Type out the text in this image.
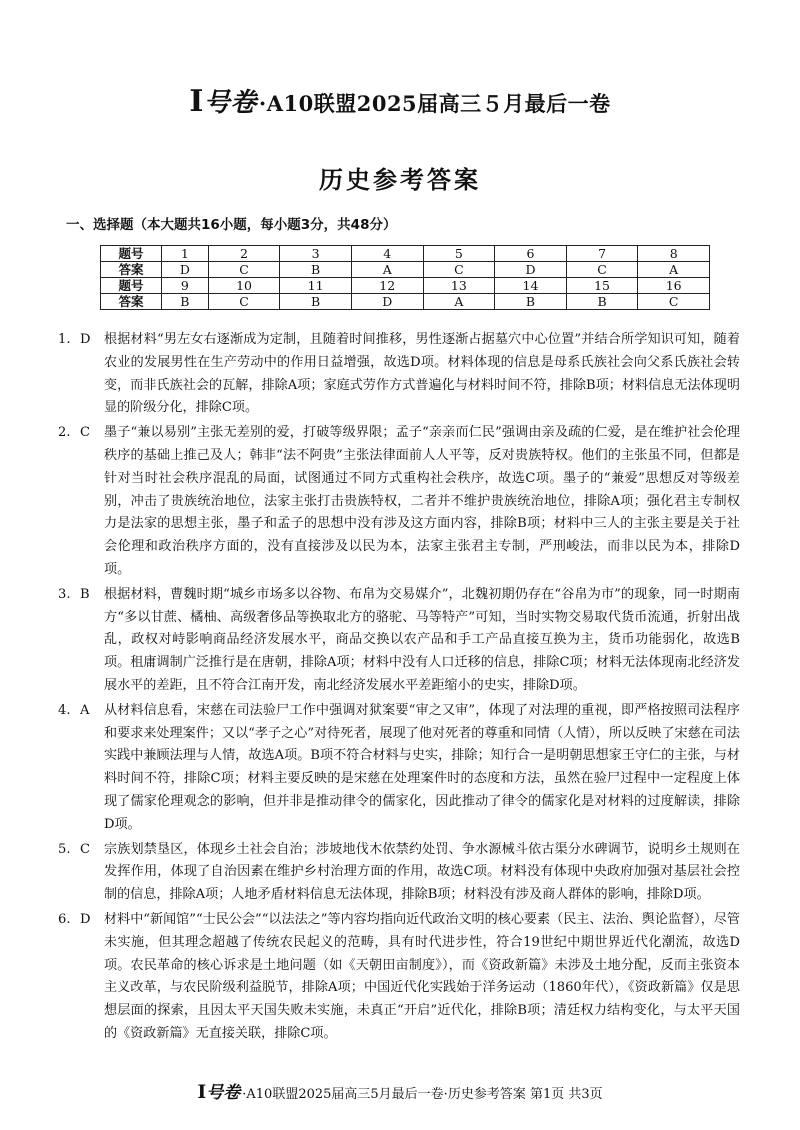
Ⅰ号卷·A10联盟2025届高三５月最后一卷
历史参考答案
一、选择题（本大题共16小题，每小题3分，共48分）
题号	1	2	3	4	5	6	7	8
答案	D	C	B	A	C	D	C	A
题号	9	10	11	12	13	14	15	16
答案	B	C	B	D	A	B	B	C
1. D	根据材料“男左女右逐渐成为定制，且随着时间推移，男性逐渐占据墓穴中心位置”并结合所学知识可知，随着农业的发展男性在生产劳动中的作用日益增强，故选D项。材料体现的信息是母系氏族社会向父系氏族社会转变，而非氏族社会的瓦解，排除A项；家庭式劳作方式普遍化与材料时间不符，排除B项；材料信息无法体现明显的阶级分化，排除C项。
2. C	墨子“兼以易别”主张无差别的爱，打破等级界限；孟子“亲亲而仁民”强调由亲及疏的仁爱，是在维护社会伦理秩序的基础上推己及人；韩非“法不阿贵”主张法律面前人人平等，反对贵族特权。他们的主张虽不同，但都是针对当时社会秩序混乱的局面，试图通过不同方式重构社会秩序，故选C项。墨子的“兼爱”思想反对等级差别，冲击了贵族统治地位，法家主张打击贵族特权，二者并不维护贵族统治地位，排除A项；强化君主专制权力是法家的思想主张，墨子和孟子的思想中没有涉及这方面内容，排除B项；材料中三人的主张主要是关于社会伦理和政治秩序方面的，没有直接涉及以民为本，法家主张君主专制，严刑峻法，而非以民为本，排除D项。
3. B	根据材料，曹魏时期“城乡市场多以谷物、布帛为交易媒介”，北魏初期仍存在“谷帛为市”的现象，同一时期南方“多以甘蔗、橘柚、高级奢侈品等换取北方的骆驼、马等特产”可知，当时实物交易取代货币流通，折射出战乱，政权对峙影响商品经济发展水平，商品交换以农产品和手工产品直接互换为主，货币功能弱化，故选B项。租庸调制广泛推行是在唐朝，排除A项；材料中没有人口迁移的信息，排除C项；材料无法体现南北经济发展水平的差距，且不符合江南开发，南北经济发展水平差距缩小的史实，排除D项。
4. A	从材料信息看，宋慈在司法验尸工作中强调对狱案要“审之又审”，体现了对法理的重视，即严格按照司法程序和要求来处理案件；又以“孝子之心”对待死者，展现了他对死者的尊重和同情（人情），所以反映了宋慈在司法实践中兼顾法理与人情，故选A项。B项不符合材料与史实，排除；知行合一是明朝思想家王守仁的主张，与材料时间不符，排除C项；材料主要反映的是宋慈在处理案件时的态度和方法，虽然在验尸过程中一定程度上体现了儒家伦理观念的影响，但并非是推动律令的儒家化，因此推动了律令的儒家化是对材料的过度解读，排除D项。
5. C	宗族划禁垦区，体现乡土社会自治；涉坡地伐木依禁约处罚、争水源械斗依古渠分水碑调节，说明乡土规则在发挥作用，体现了自治因素在维护乡村治理方面的作用，故选C项。材料没有体现中央政府加强对基层社会控制的信息，排除A项；人地矛盾材料信息无法体现，排除B项；材料没有涉及商人群体的影响，排除D项。
6. D	材料中“新闻馆”“士民公会”“以法法之”等内容均指向近代政治文明的核心要素（民主、法治、舆论监督），尽管未实施，但其理念超越了传统农民起义的范畴，具有时代进步性，符合19世纪中期世界近代化潮流，故选D项。农民革命的核心诉求是土地问题（如《天朝田亩制度》），而《资政新篇》未涉及土地分配，反而主张资本主义改革，与农民阶级利益脱节，排除A项；中国近代化实践始于洋务运动（1860年代），《资政新篇》仅是思想层面的探索，且因太平天国失败未实施，未真正“开启”近代化，排除B项；清廷权力结构变化，与太平天国的《资政新篇》无直接关联，排除C项。
Ⅰ号卷 ·A10联盟2025届高三5月最后一卷·历史参考答案 第1页 共3页
